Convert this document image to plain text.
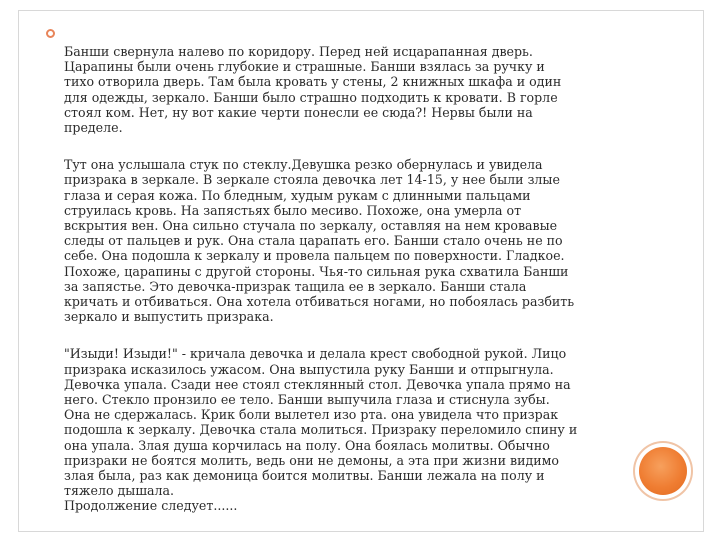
Банши свернула налево по коридору. Перед ней исцарапанная дверь.
Царапины были очень глубокие и страшные. Банши взялась за ручку и
тихо отворила дверь. Там была кровать у стены, 2 книжных шкафа и один
для одежды, зеркало. Банши было страшно подходить к кровати. В горле
стоял ком. Нет, ну вот какие черти понесли ее сюда?! Нервы были на
пределе.

Тут она услышала стук по стеклу.Девушка резко обернулась и увидела
призрака в зеркале. В зеркале стояла девочка лет 14-15, у нее были злые
глаза и серая кожа. По бледным, худым рукам с длинными пальцами
струилась кровь. На запястьях было месиво. Похоже, она умерла от
вскрытия вен. Она сильно стучала по зеркалу, оставляя на нем кровавые
следы от пальцев и рук. Она стала царапать его. Банши стало очень не по
себе. Она подошла к зеркалу и провела пальцем по поверхности. Гладкое.
Похоже, царапины с другой стороны. Чья-то сильная рука схватила Банши
за запястье. Это девочка-призрак тащила ее в зеркало. Банши стала
кричать и отбиваться. Она хотела отбиваться ногами, но побоялась разбить
зеркало и выпустить призрака.

"Изыди! Изыди!" - кричала девочка и делала крест свободной рукой. Лицо
призрака исказилось ужасом. Она выпустила руку Банши и отпрыгнула.
Девочка упала. Сзади нее стоял стеклянный стол. Девочка упала прямо на
него. Стекло пронзило ее тело. Банши выпучила глаза и стиснула зубы.
Она не сдержалась. Крик боли вылетел изо рта. она увидела что призрак
подошла к зеркалу. Девочка стала молиться. Призраку переломило спину и
она упала. Злая душа корчилась на полу. Она боялась молитвы. Обычно
призраки не боятся молить, ведь они не демоны, а эта при жизни видимо
злая была, раз как демоница боится молитвы. Банши лежала на полу и
тяжело дышала.
Продолжение следует......
